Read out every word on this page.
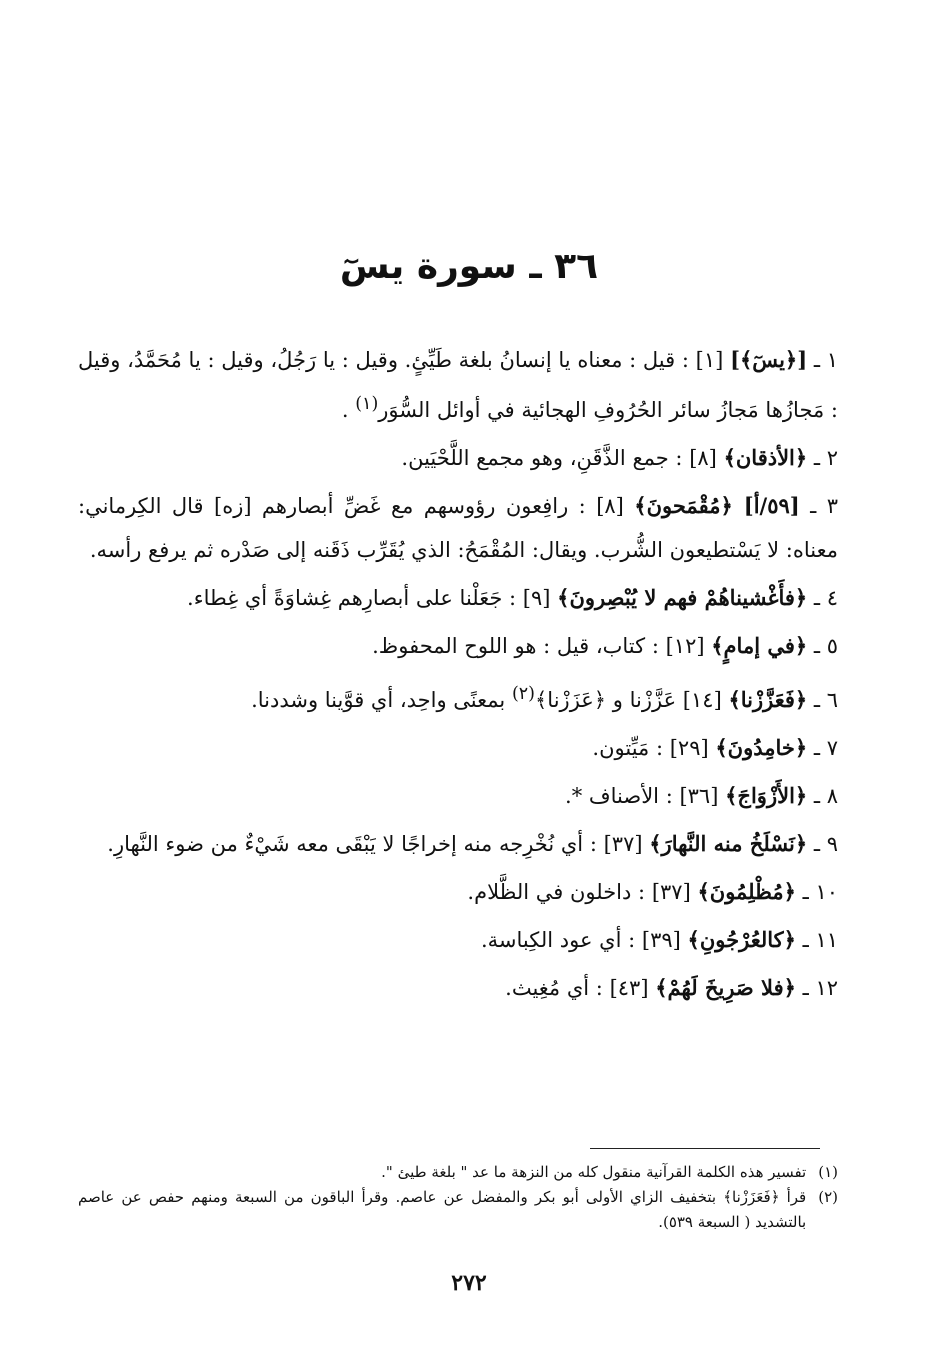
٣٦ ـ سورة يسٓ

١ ـ [﴿يسٓ﴾] [١] : قيل : معناه يا إنسانُ بلغة طَيِّئٍ. وقيل : يا رَجُلُ، وقيل : يا مُحَمَّدُ، وقيل : مَجازُها مَجازُ سائر الحُرُوفِ الهجائية في أوائل السُّوَر$^{(١)}$ .

٢ ـ ﴿الأذقان﴾ [٨] : جمع الذَّقَنِ، وهو مجمع اللَّحْيَين.

٣ ـ [٥٩/أ] ﴿مُقْمَحونَ﴾ [٨] : رافِعون رؤوسهم مع غَضِّ أبصارهم [زه] قال الكِرماني: معناه: لا يَسْتطيعون الشُّرب. ويقال: المُقْمَحُ: الذي يُقَرِّب ذَقَنه إلى صَدْره ثم يرفع رأسه.

٤ ـ ﴿فأَغْشيناهُمْ فهم لا يُبْصِرونَ﴾ [٩] : جَعَلْنا على أبصارِهم غِشاوَةً أي غِطاء.

٥ ـ ﴿في إمامٍ﴾ [١٢] : كتاب، قيل : هو اللوح المحفوظ.

٦ ـ ﴿فَعَزَّزْنا﴾ [١٤] عَزَّزْنا و ﴿عَزَزْنا﴾$^{(٢)}$ بمعنًى واحِد، أي قوَّينا وشددنا.

٧ ـ ﴿خامِدُونَ﴾ [٢٩] : مَيِّتون.

٨ ـ ﴿الأَزْوَاجَ﴾ [٣٦] : الأصناف *.

٩ ـ ﴿نَسْلَخُ منه النَّهارَ﴾ [٣٧] : أي نُخْرِجه منه إخراجًا لا يَبْقَى معه شَيْءٌ من ضوء النَّهارِ.

١٠ ـ ﴿مُظْلِمُونَ﴾ [٣٧] : داخلون في الظَّلام.

١١ ـ ﴿كالعُرْجُونِ﴾ [٣٩] : أي عود الكِباسة.

١٢ ـ ﴿فلا صَرِيخَ لَهُمْ﴾ [٤٣] : أي مُغِيث.

(١)
تفسير هذه الكلمة القرآنية منقول كله من النزهة ما عد " بلغة طيئ ".
(٢)
قرأ ﴿فَعَزَزْنا﴾ بتخفيف الزاي الأولى أبو بكر والمفضل عن عاصم. وقرأ الباقون من السبعة ومنهم حفص عن عاصم بالتشديد ( السبعة ٥٣٩).
٢٧٢
